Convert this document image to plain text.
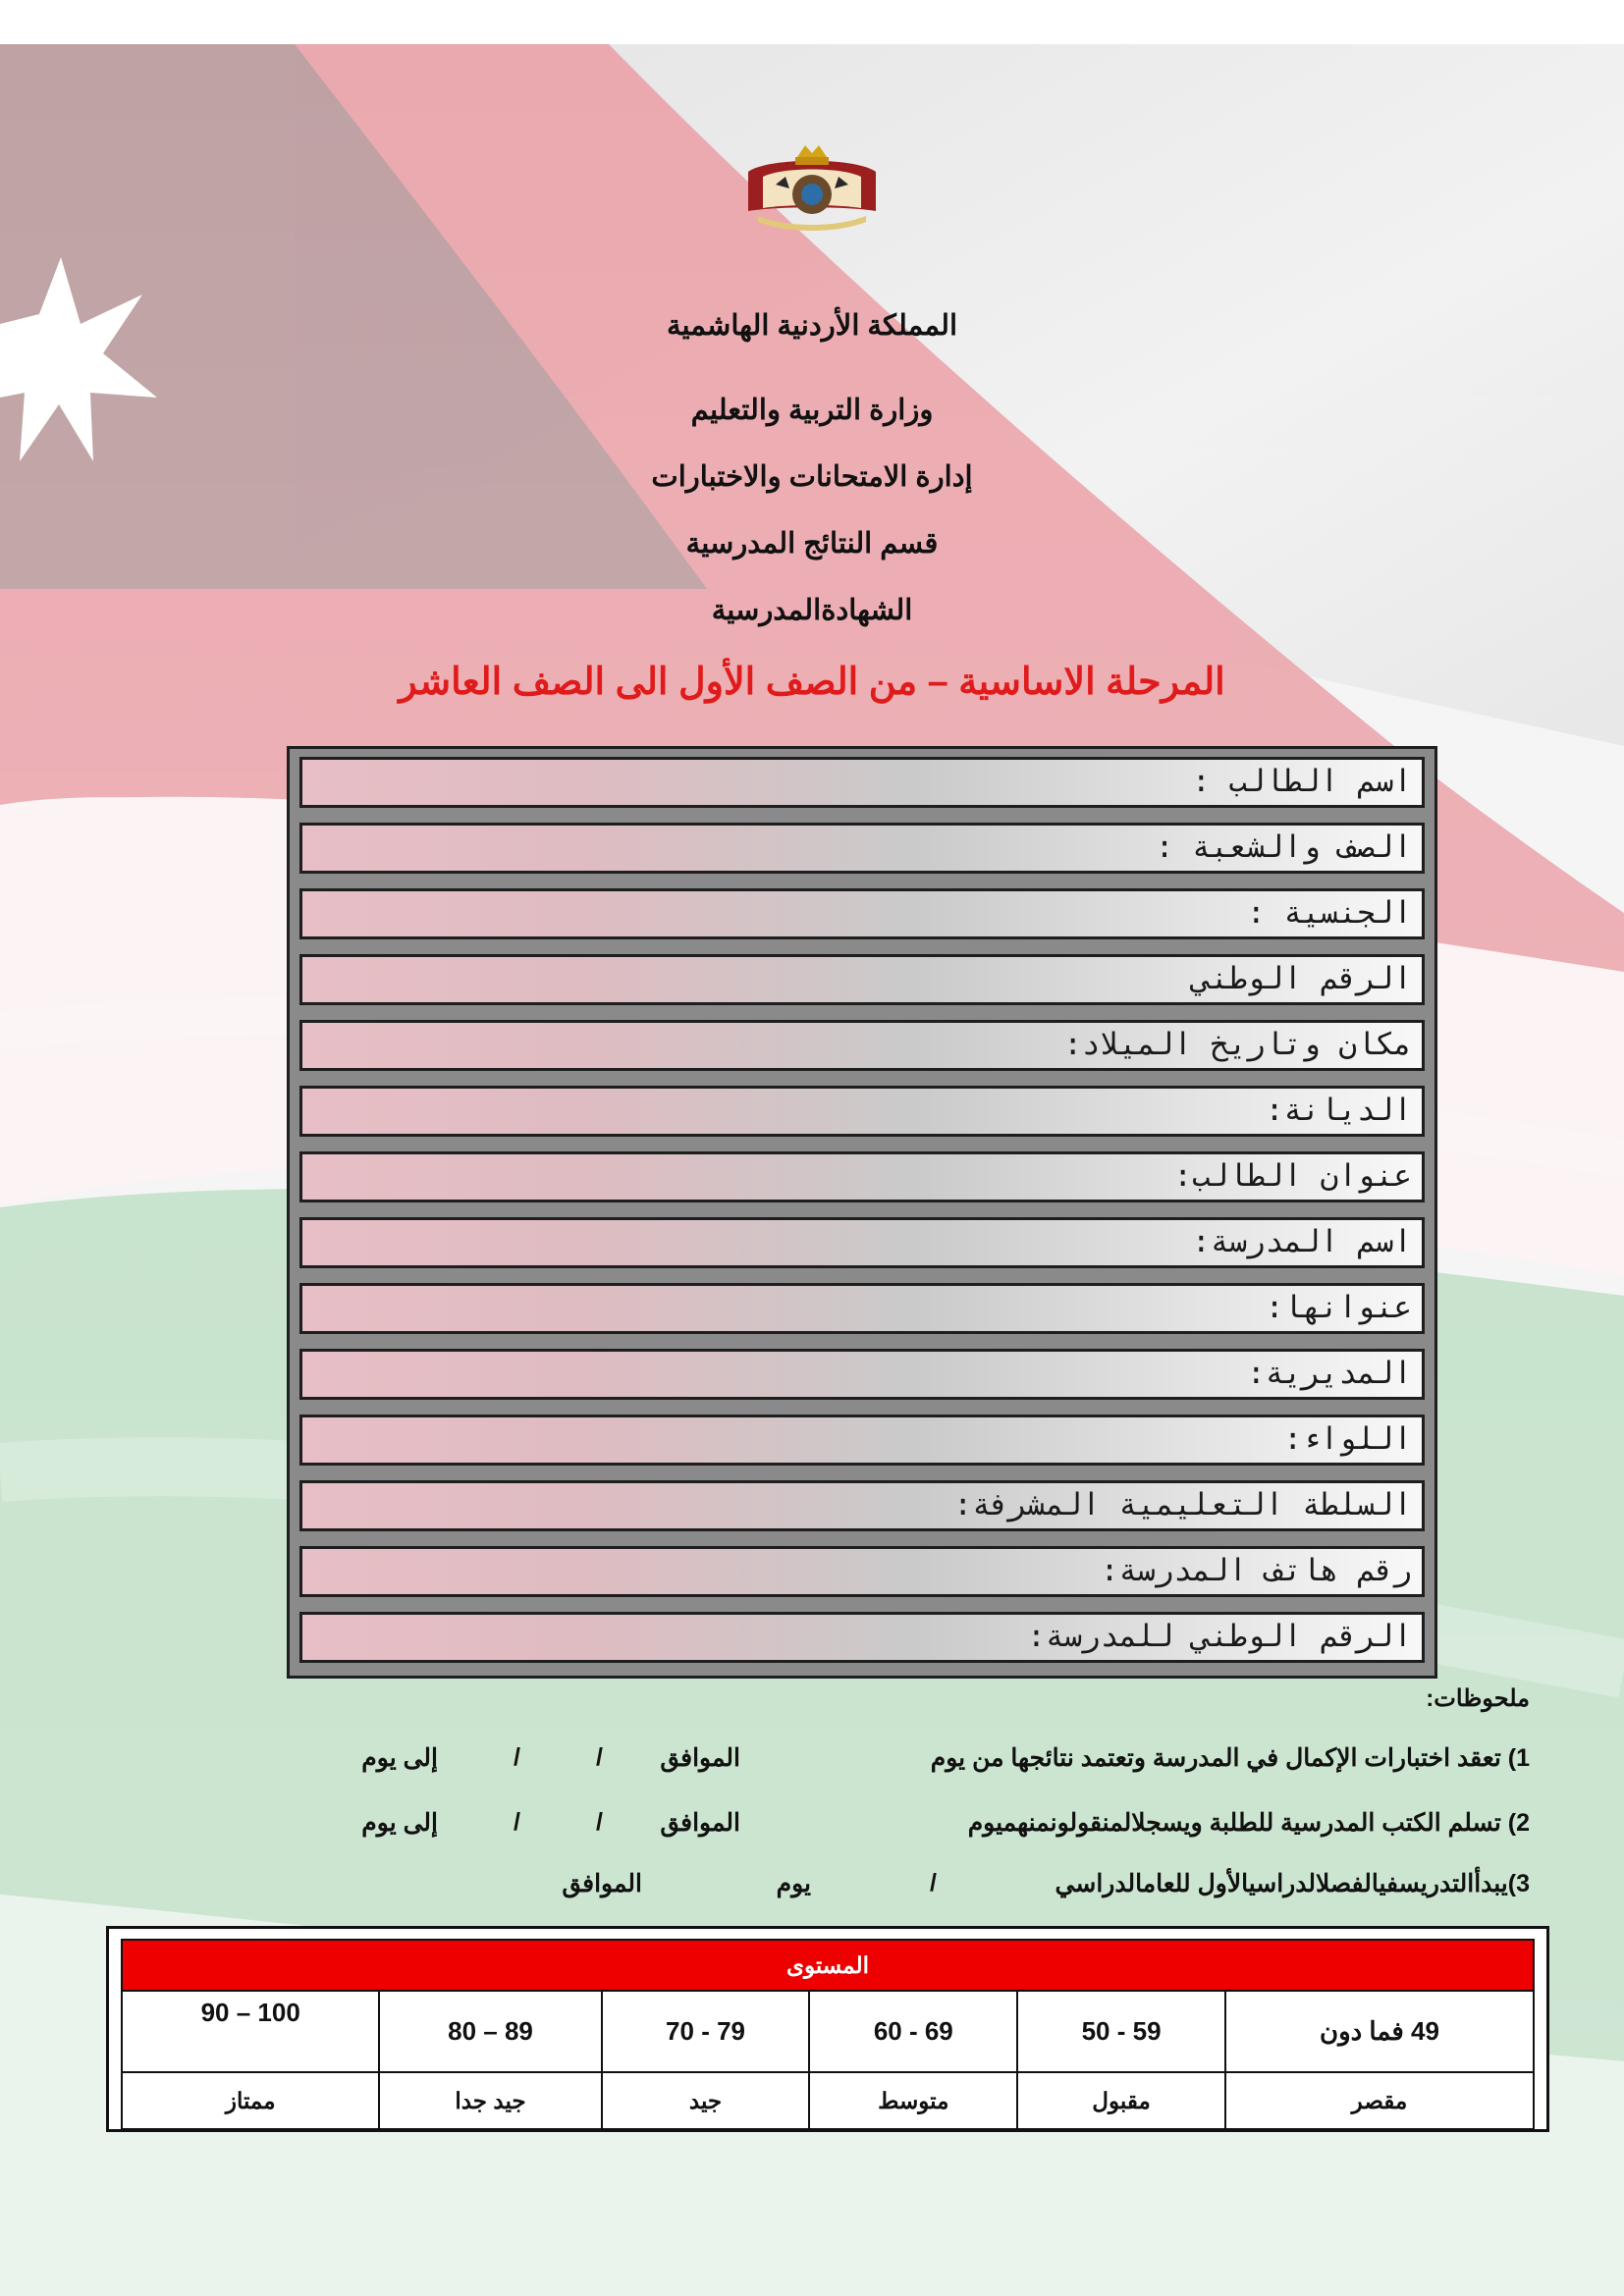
المملكة الأردنية الهاشمية
وزارة التربية والتعليم
إدارة الامتحانات والاختبارات
قسم النتائج المدرسية
الشهادةالمدرسية
المرحلة الاساسية – من الصف الأول الى الصف العاشر
اسم الطالب :
الصف والشعبة :
الجنسية :
الرقم الوطني
مكان وتاريخ الميلاد:
الديانة:
عنوان الطالب:
اسم المدرسة:
عنوانها:
المديرية:
اللواء:
السلطة التعليمية المشرفة:
رقم هاتف المدرسة:
الرقم الوطني للمدرسة:
ملحوظات:
1) تعقد اختبارات الإكمال في المدرسة وتعتمد نتائجها من يوم
الموافق
/
/
إلى يوم
2) تسلم الكتب المدرسية للطلبة ويسجلالمنقولونمنهميوم
الموافق
/
/
إلى يوم
3)يبدأالتدريسفيالفصلالدراسيالأول للعامالدراسي
/
يوم
الموافق
المستوى					
49 فما دون	59 - 50	69 - 60	79 - 70	89 – 80	100 – 90
مقصر	مقبول	متوسط	جيد	جيد جدا	ممتاز
